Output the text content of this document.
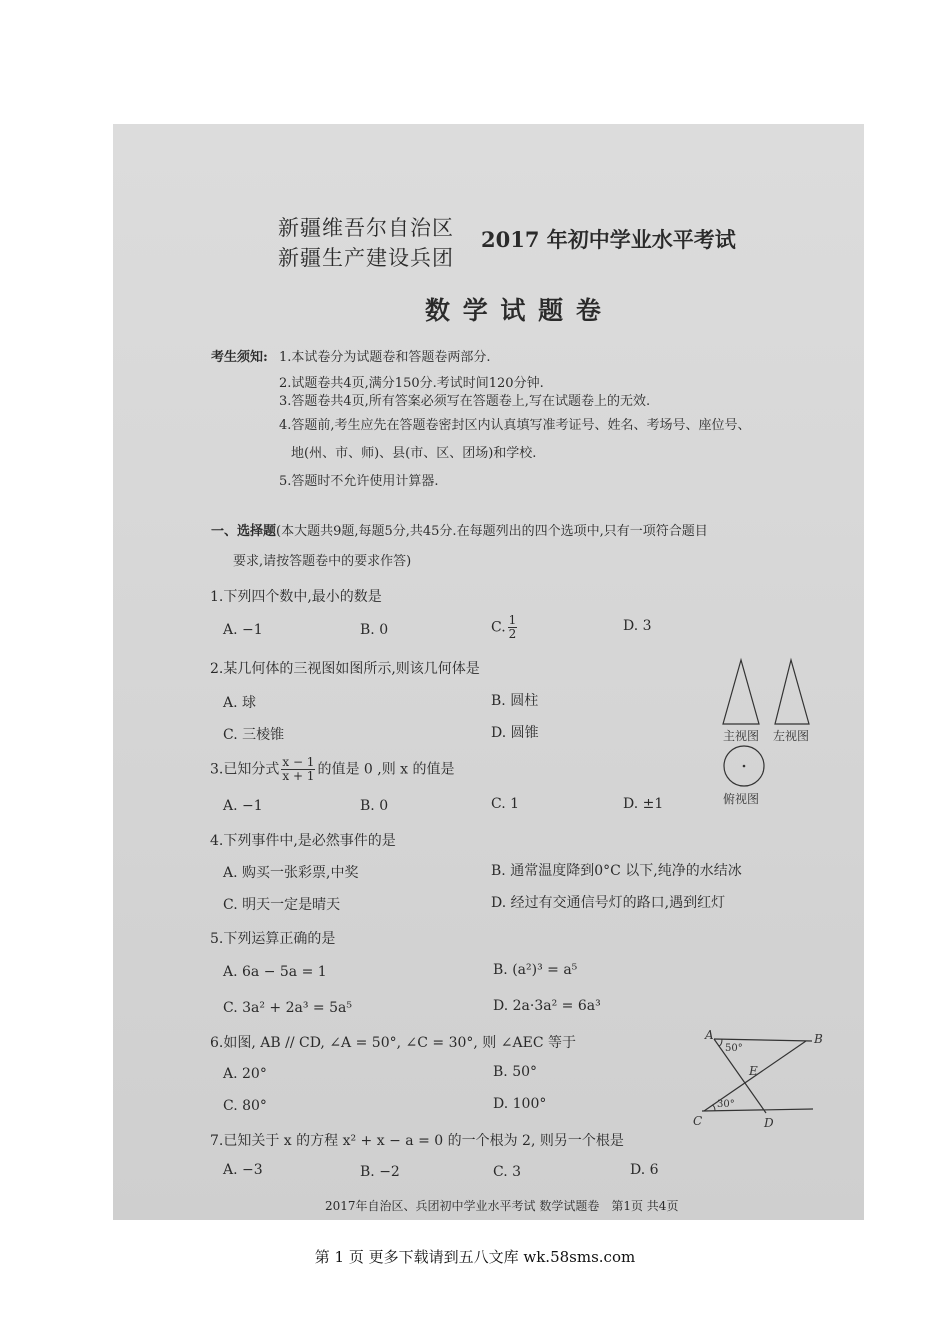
新疆维吾尔自治区
新疆生产建设兵团
2017 年初中学业水平考试
数 学 试 题 卷
考生须知: 1.本试卷分为试题卷和答题卷两部分.
2.试题卷共4页,满分150分.考试时间120分钟.
3.答题卷共4页,所有答案必须写在答题卷上,写在试题卷上的无效.
4.答题前,考生应先在答题卷密封区内认真填写准考证号、姓名、考场号、座位号、
地(州、市、师)、县(市、区、团场)和学校.
5.答题时不允许使用计算器.
一、选择题(本大题共9题,每题5分,共45分.在每题列出的四个选项中,只有一项符合题目
要求,请按答题卷中的要求作答)
1.下列四个数中,最小的数是
A. −1	B. 0	C. $\frac{1}{2}$	D. 3
2.某几何体的三视图如图所示,则该几何体是
A. 球	B. 圆柱
C. 三棱锥	D. 圆锥	主视图 左视图
俯视图
3.已知分式 $\frac{x - 1}{x + 1}$ 的值是 0 ,则 x 的值是
A. −1	B. 0	C. 1	D. ±1
4.下列事件中,是必然事件的是
A. 购买一张彩票,中奖	B. 通常温度降到0°C 以下,纯净的水结冰
C. 明天一定是晴天	D. 经过有交通信号灯的路口,遇到红灯
5.下列运算正确的是
A. 6a − 5a = 1	B. (a²)³ = a⁵
C. 3a² + 2a³ = 5a⁵	D. 2a·3a² = 6a³
6.如图, AB // CD, ∠A = 50°, ∠C = 30°, 则 ∠AEC 等于
A. 20°	B. 50°
C. 80°	D. 100°
A	B
C	D
E
50°
30°
7.已知关于 x 的方程 x² + x − a = 0 的一个根为 2, 则另一个根是
A. −3	B. −2	C. 3	D. 6
2017年自治区、兵团初中学业水平考试 数学试题卷　第1页 共4页
第 1 页 更多下载请到五八文库 wk.58sms.com
